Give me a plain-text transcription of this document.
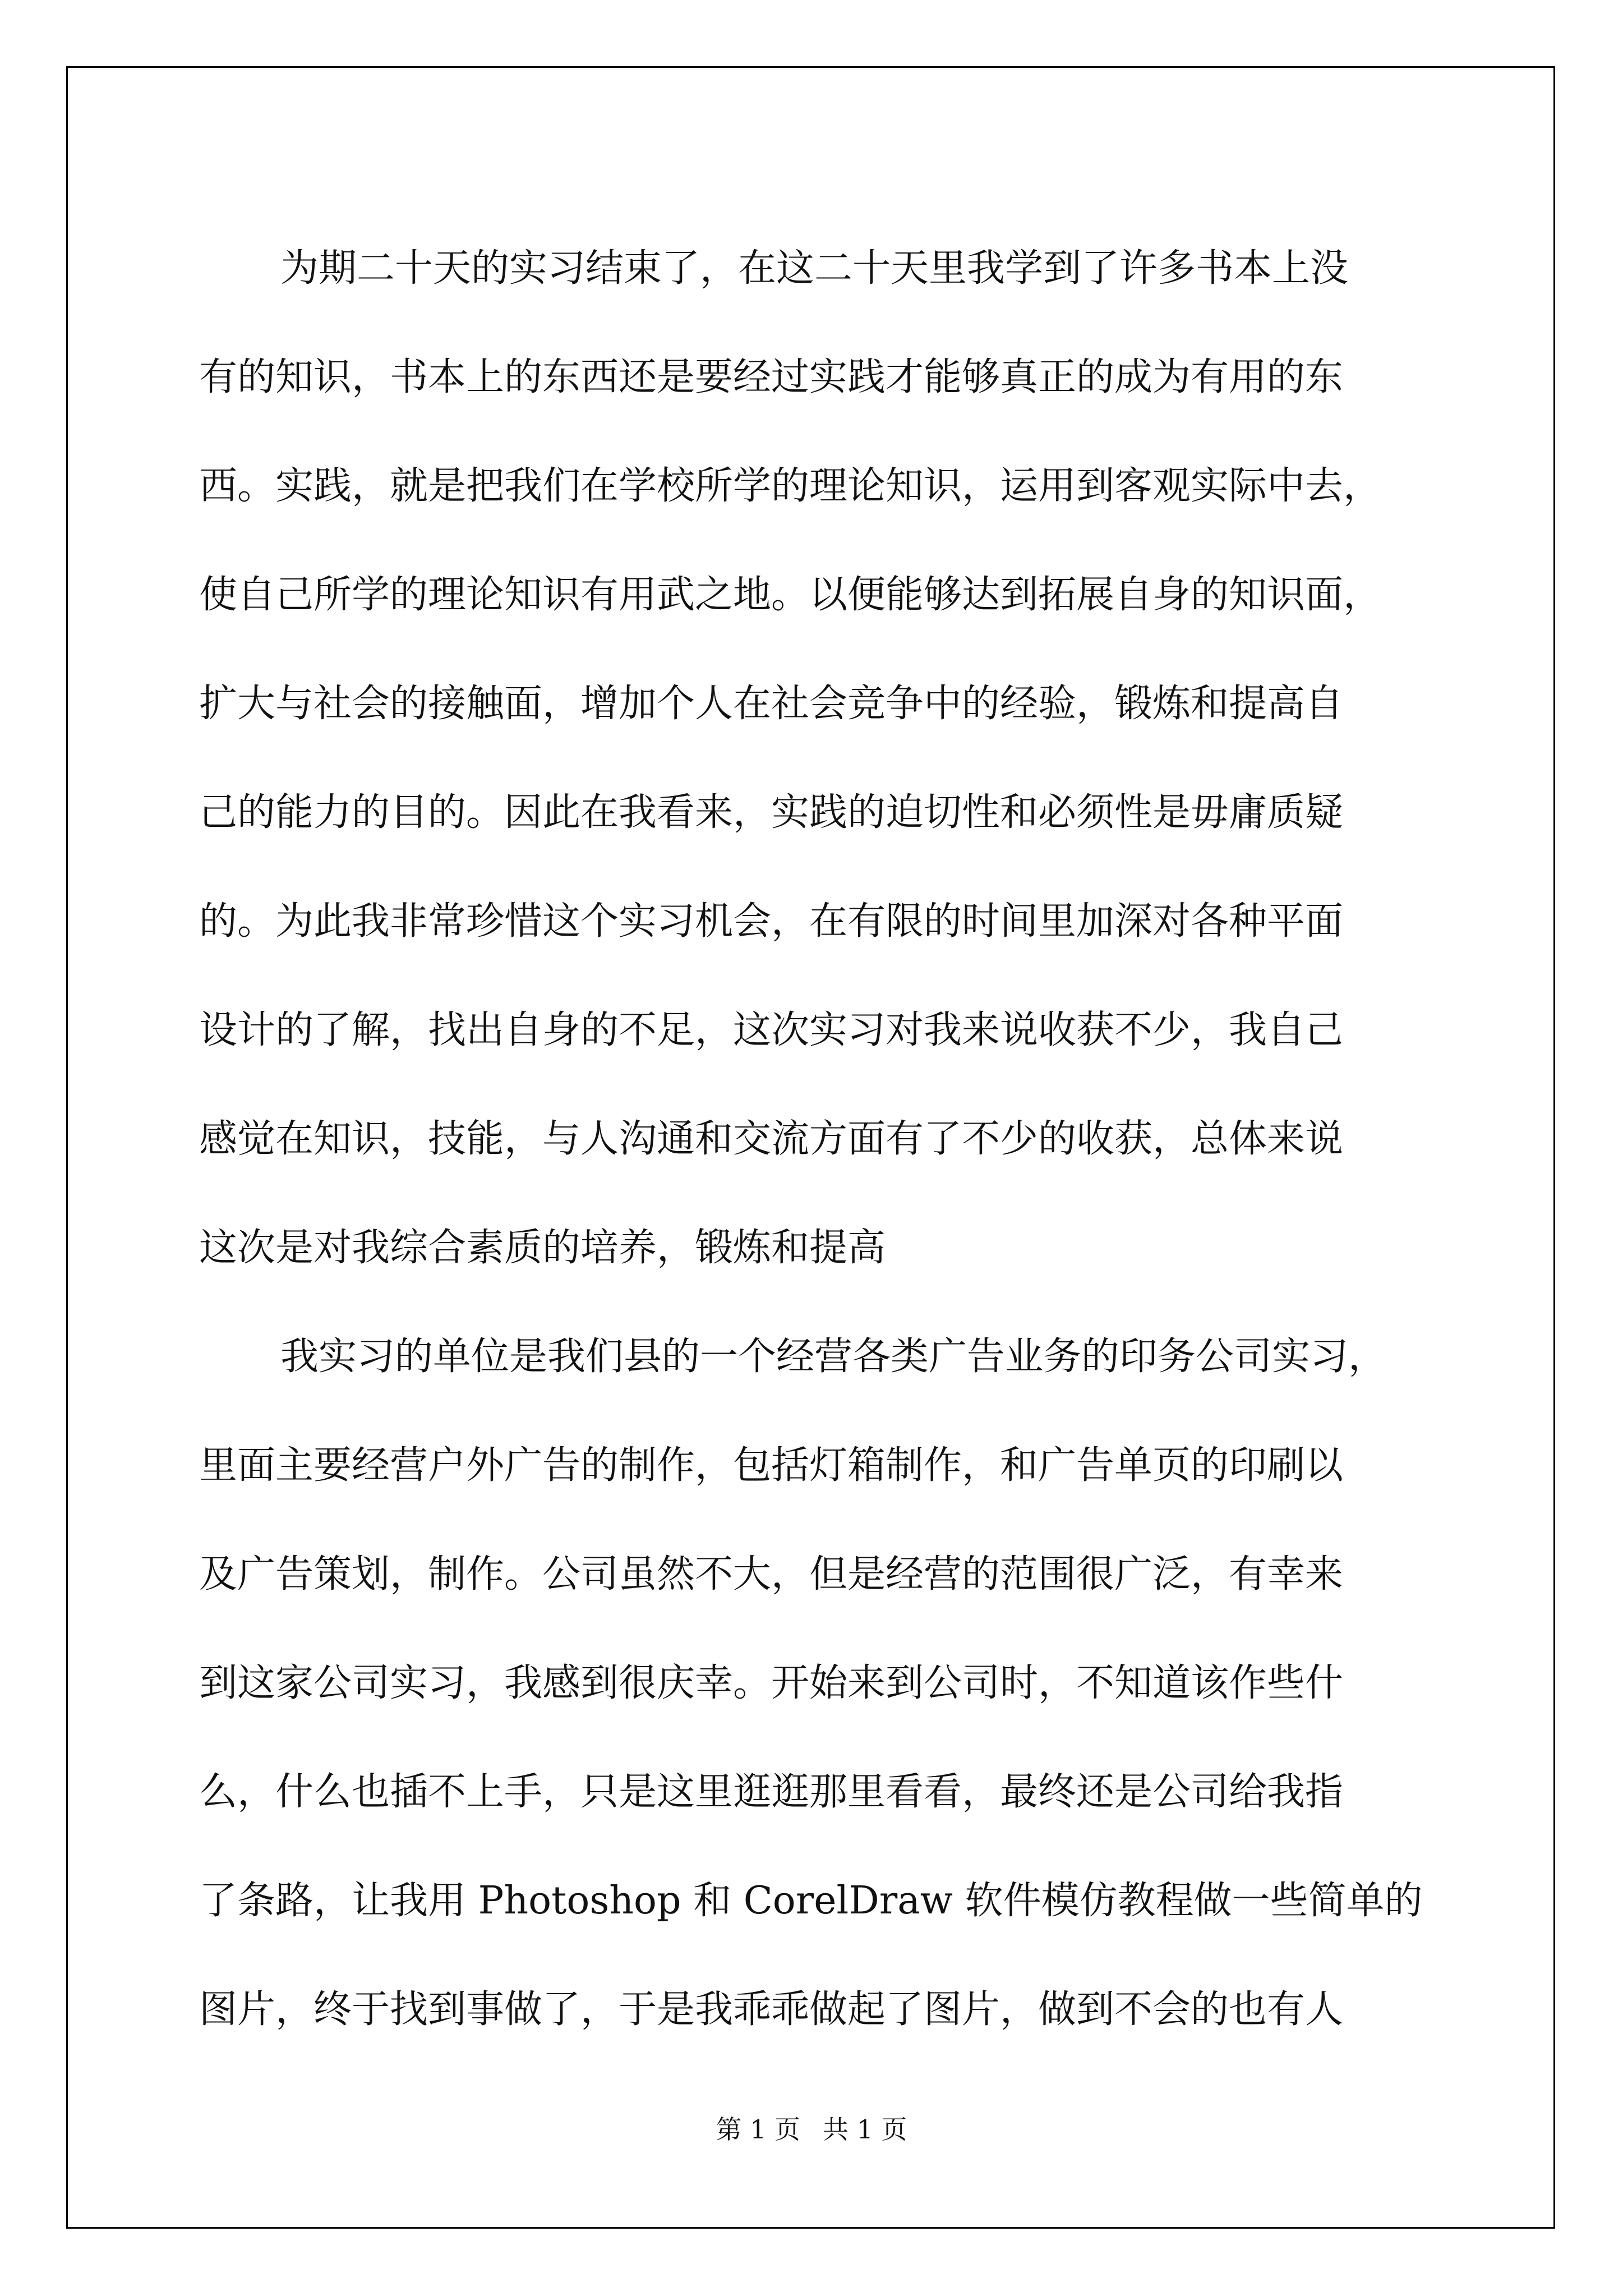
为期二十天的实习结束了，在这二十天里我学到了许多书本上没
有的知识，书本上的东西还是要经过实践才能够真正的成为有用的东
西。实践，就是把我们在学校所学的理论知识，运用到客观实际中去，
使自己所学的理论知识有用武之地。以便能够达到拓展自身的知识面，
扩大与社会的接触面，增加个人在社会竞争中的经验，锻炼和提高自
己的能力的目的。因此在我看来，实践的迫切性和必须性是毋庸质疑
的。为此我非常珍惜这个实习机会，在有限的时间里加深对各种平面
设计的了解，找出自身的不足，这次实习对我来说收获不少，我自己
感觉在知识，技能，与人沟通和交流方面有了不少的收获，总体来说
这次是对我综合素质的培养，锻炼和提高
我实习的单位是我们县的一个经营各类广告业务的印务公司实习，
里面主要经营户外广告的制作，包括灯箱制作，和广告单页的印刷以
及广告策划，制作。公司虽然不大，但是经营的范围很广泛，有幸来
到这家公司实习，我感到很庆幸。开始来到公司时，不知道该作些什
么，什么也插不上手，只是这里逛逛那里看看，最终还是公司给我指
了条路，让我用 Photoshop 和 CorelDraw 软件模仿教程做一些简单的
图片，终于找到事做了，于是我乖乖做起了图片，做到不会的也有人
第 1 页 共 1 页
